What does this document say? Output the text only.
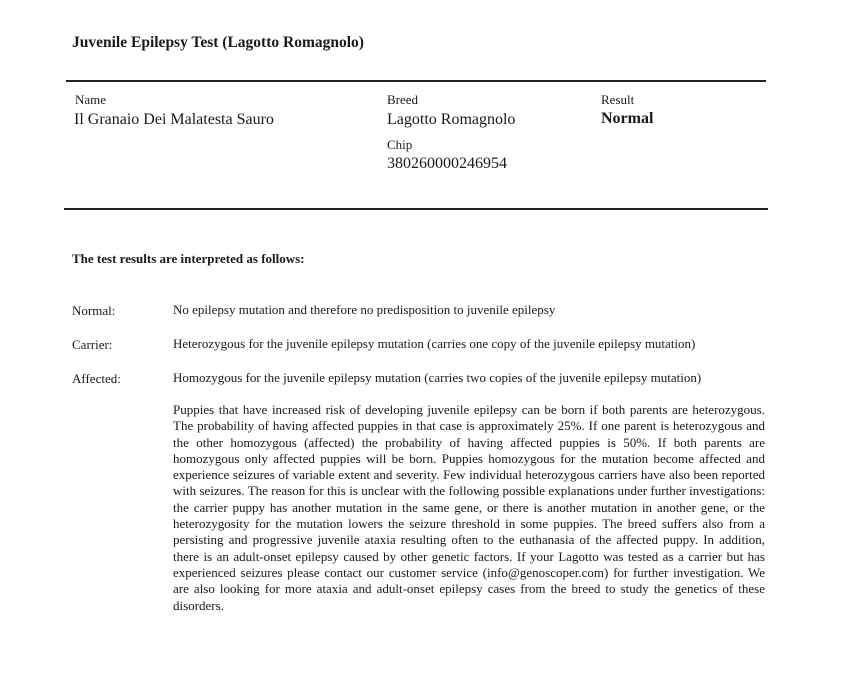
Juvenile Epilepsy Test (Lagotto Romagnolo)
Name
Il Granaio Dei Malatesta Sauro
Breed
Lagotto Romagnolo
Chip
380260000246954
Result
Normal
The test results are interpreted as follows:
Normal:	No epilepsy mutation and therefore no predisposition to juvenile epilepsy
Carrier:	Heterozygous for the juvenile epilepsy mutation (carries one copy of the juvenile epilepsy mutation)
Affected:	Homozygous for the juvenile epilepsy mutation (carries two copies of the juvenile epilepsy mutation)
Puppies that have increased risk of developing juvenile epilepsy can be born if both parents are heterozygous. The probability of having affected puppies in that case is approximately 25%. If one parent is heterozygous and the other homozygous (affected) the probability of having affected puppies is 50%. If both parents are homozygous only affected puppies will be born. Puppies homozygous for the mutation become affected and experience seizures of variable extent and severity. Few individual heterozygous carriers have also been reported with seizures. The reason for this is unclear with the following possible explanations under further investigations: the carrier puppy has another mutation in the same gene, or there is another mutation in another gene, or the heterozygosity for the mutation lowers the seizure threshold in some puppies. The breed suffers also from a persisting and progressive juvenile ataxia resulting often to the euthanasia of the affected puppy. In addition, there is an adult-onset epilepsy caused by other genetic factors. If your Lagotto was tested as a carrier but has experienced seizures please contact our customer service (info@genoscoper.com) for further investigation. We are also looking for more ataxia and adult-onset epilepsy cases from the breed to study the genetics of these disorders.
